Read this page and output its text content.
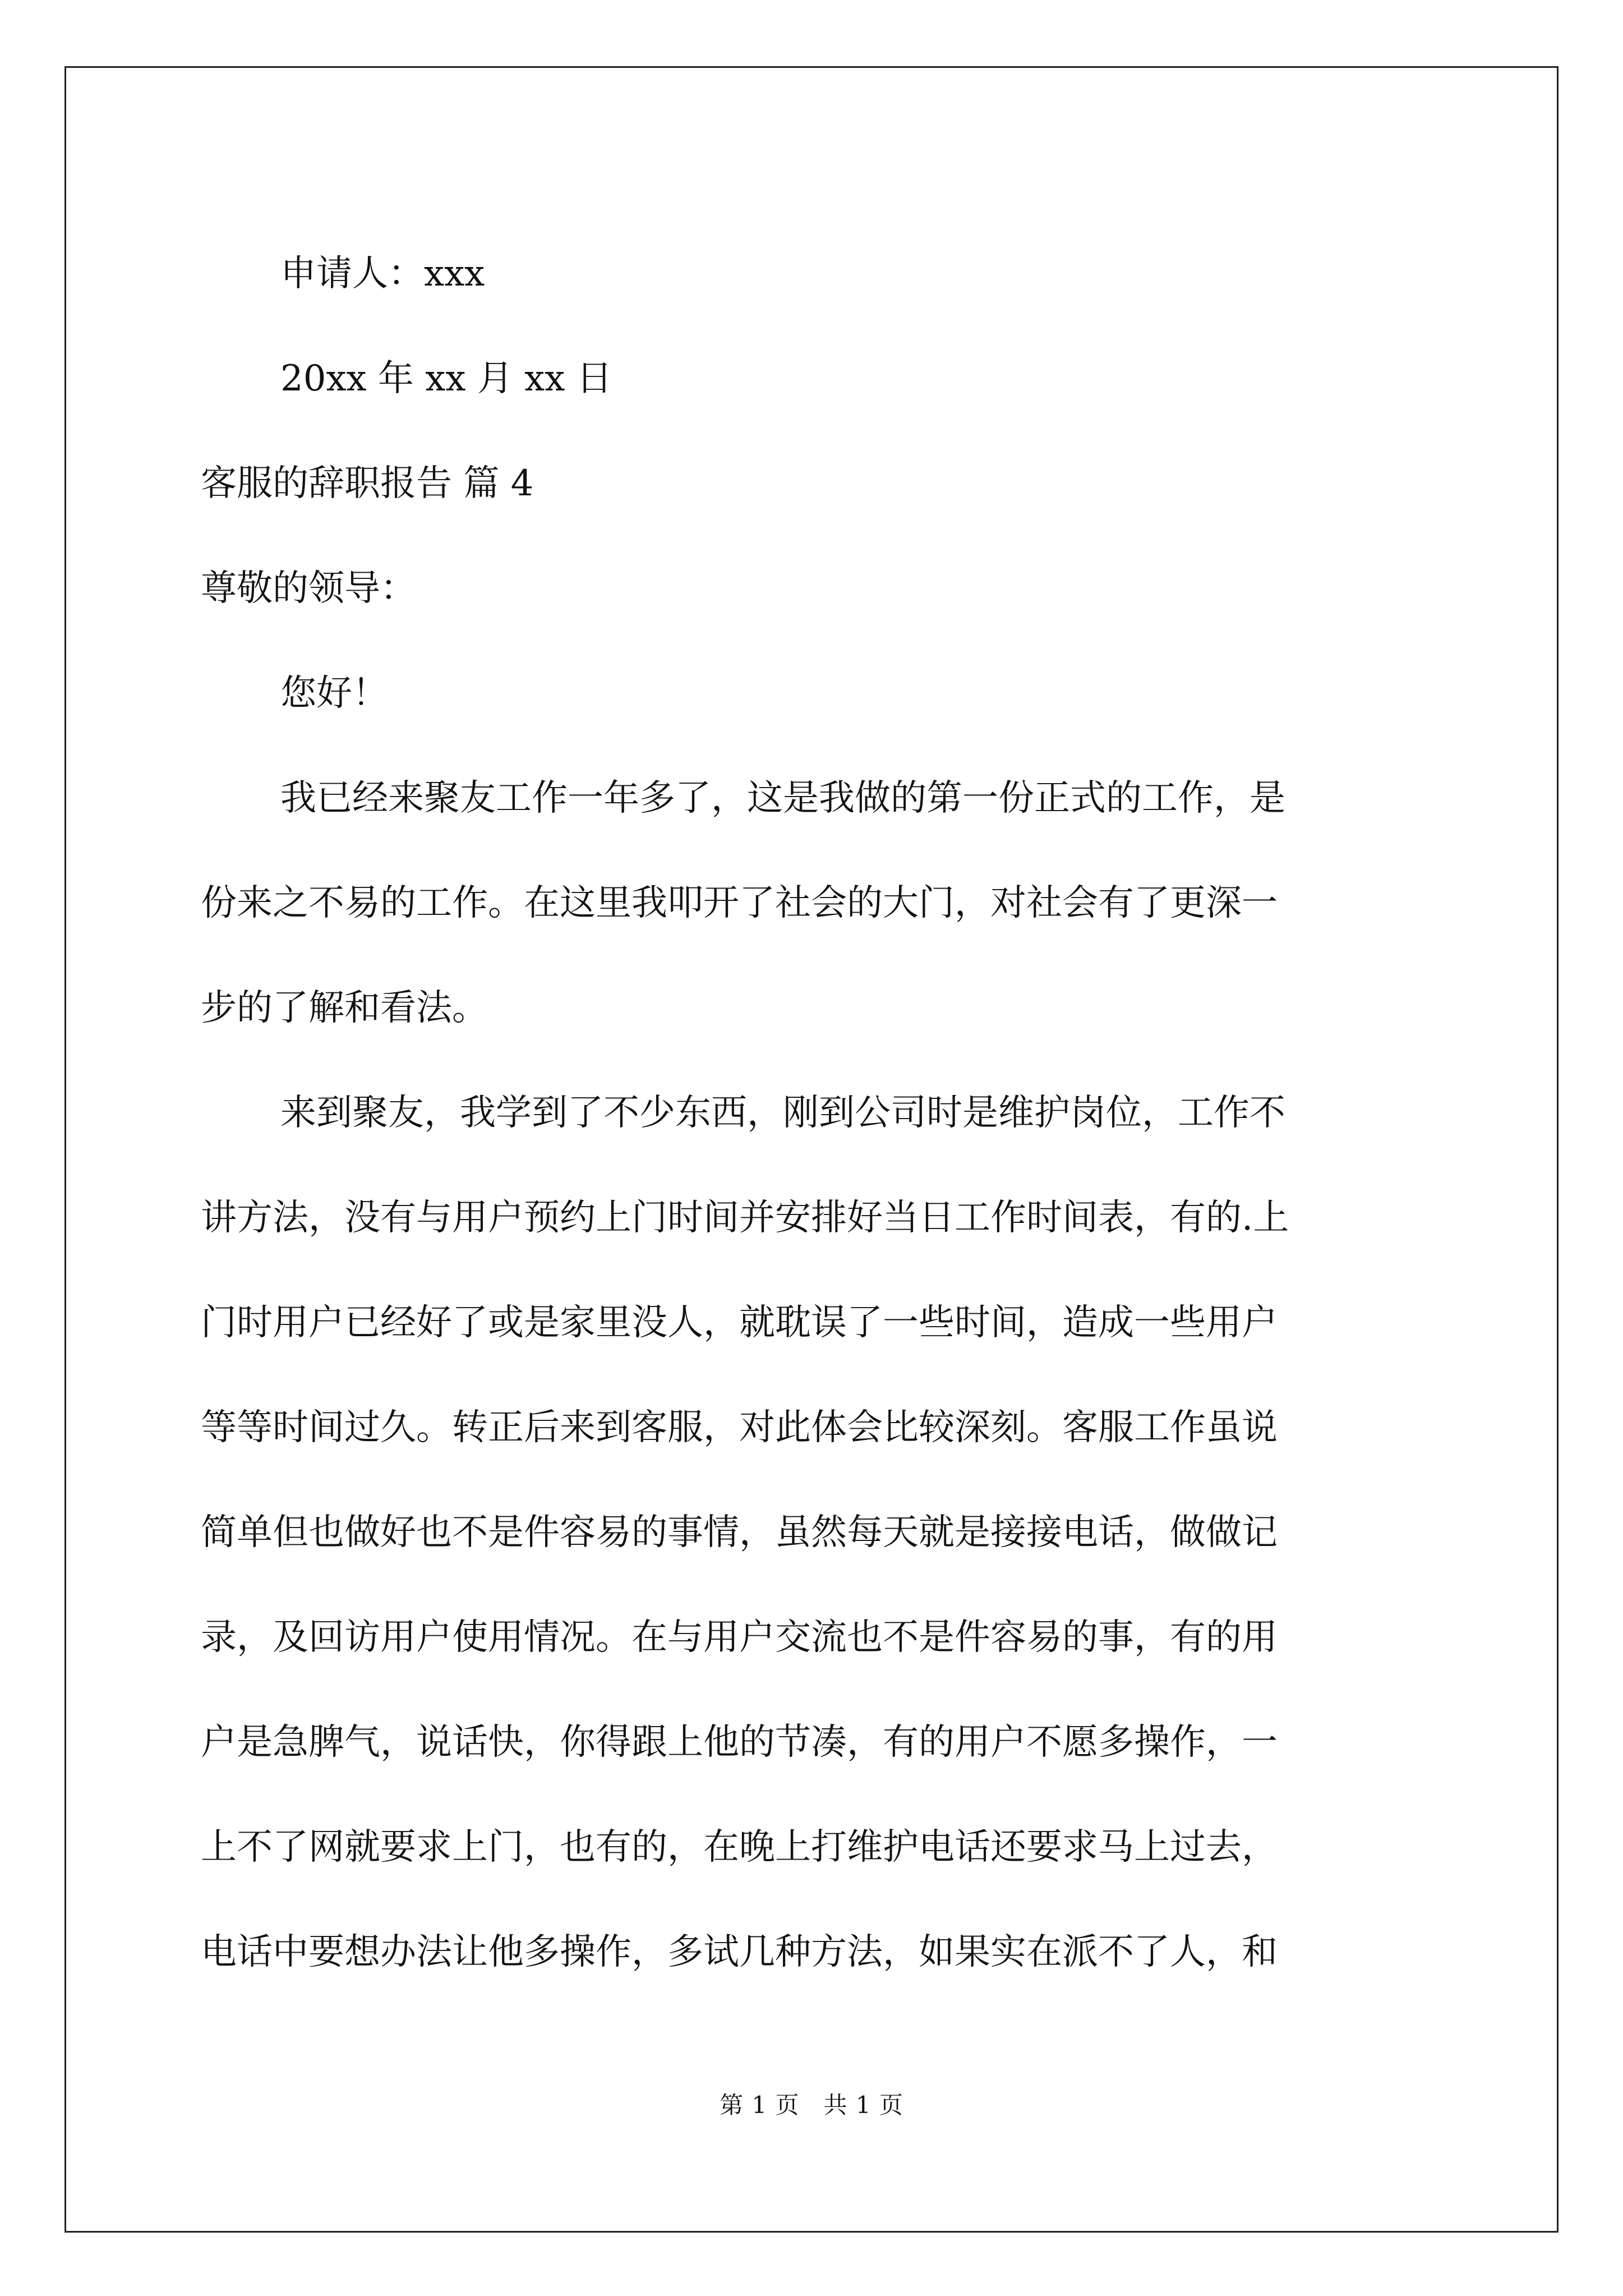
申请人：xxx
20xx 年 xx 月 xx 日
客服的辞职报告 篇 4
尊敬的领导：
您好！
我已经来聚友工作一年多了，这是我做的第一份正式的工作，是
份来之不易的工作。在这里我叩开了社会的大门，对社会有了更深一
步的了解和看法。
来到聚友，我学到了不少东西，刚到公司时是维护岗位，工作不
讲方法，没有与用户预约上门时间并安排好当日工作时间表，有的.上
门时用户已经好了或是家里没人，就耽误了一些时间，造成一些用户
等等时间过久。转正后来到客服，对此体会比较深刻。客服工作虽说
简单但也做好也不是件容易的事情，虽然每天就是接接电话，做做记
录，及回访用户使用情况。在与用户交流也不是件容易的事，有的用
户是急脾气，说话快，你得跟上他的节凑，有的用户不愿多操作，一
上不了网就要求上门，也有的，在晚上打维护电话还要求马上过去，
电话中要想办法让他多操作，多试几种方法，如果实在派不了人，和
第 1 页　共 1 页
